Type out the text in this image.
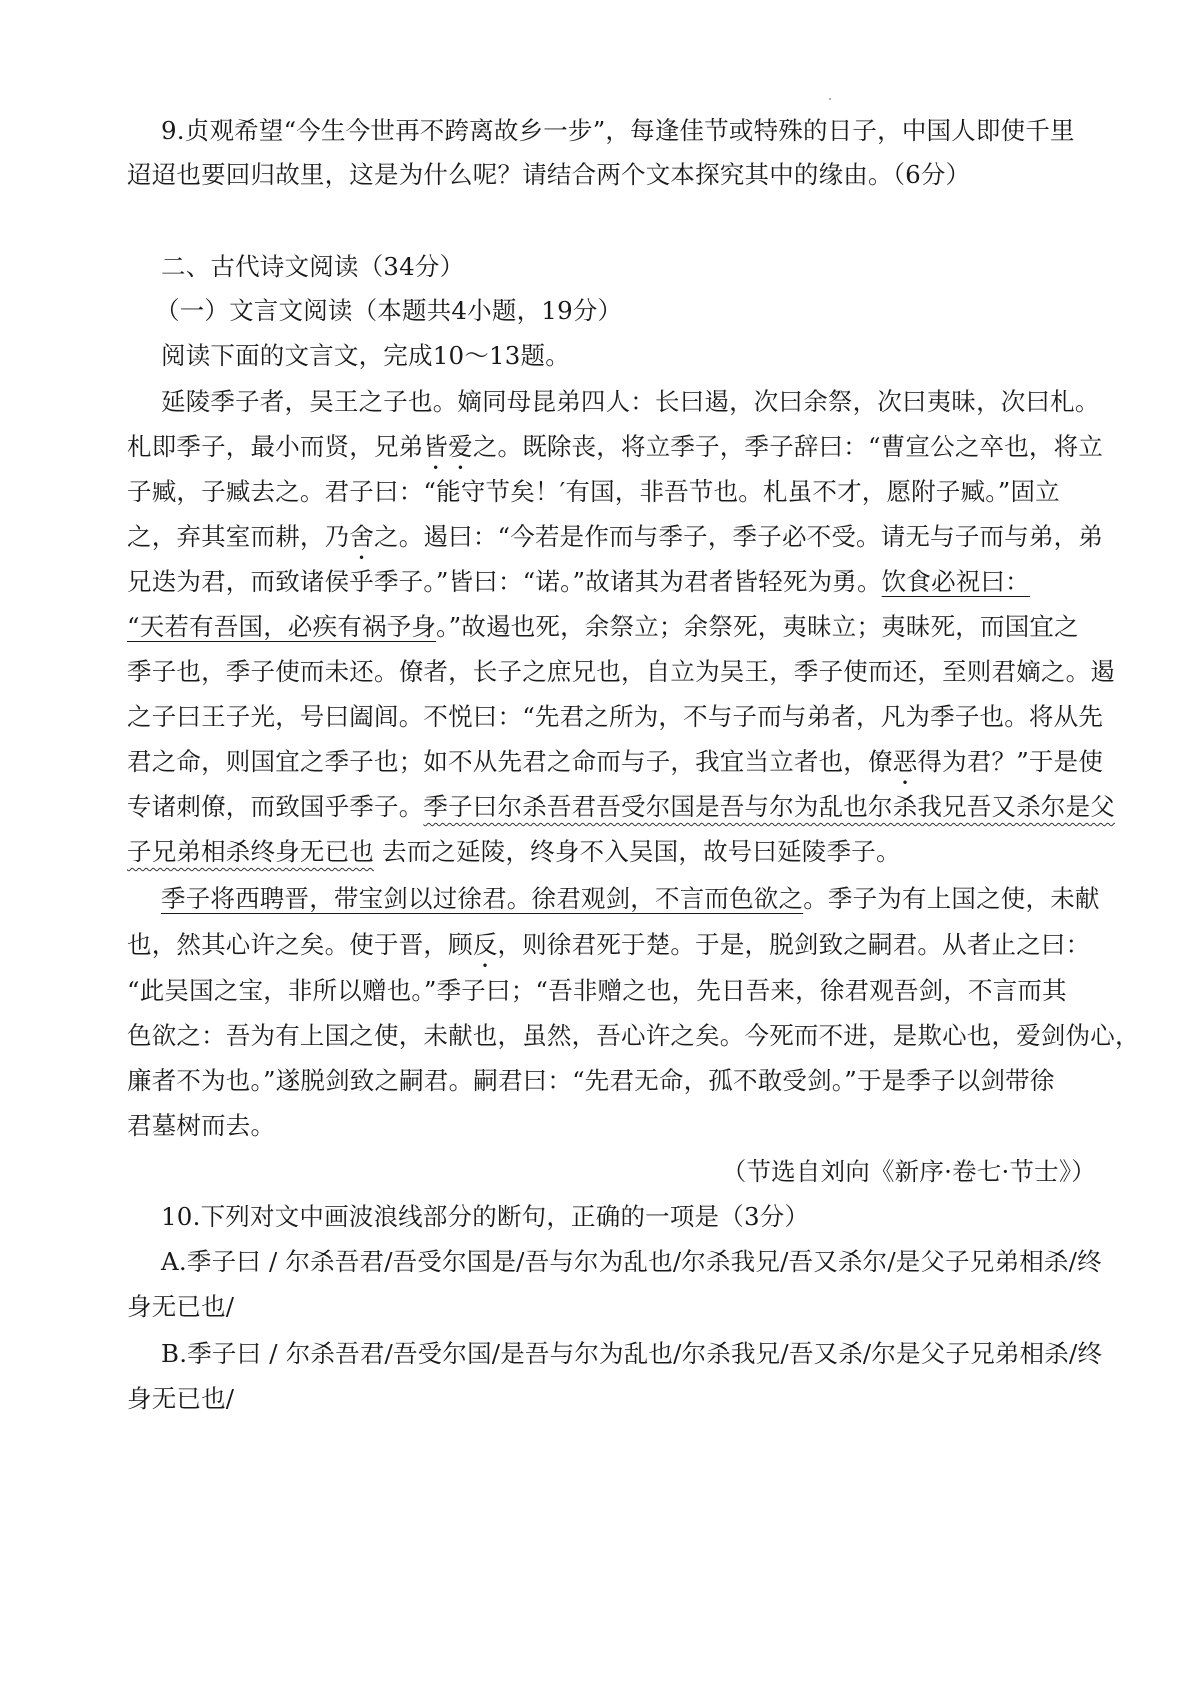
9.贞观希望“今生今世再不跨离故乡一步”，每逢佳节或特殊的日子，中国人即使千里
迢迢也要回归故里，这是为什么呢？请结合两个文本探究其中的缘由。（6分）
二、古代诗文阅读（34分）
（一）文言文阅读（本题共4小题，19分）
阅读下面的文言文，完成10～13题。
延陵季子者，吴王之子也。嫡同母昆弟四人：长曰遏，次曰余祭，次曰夷昧，次曰札。
札即季子，最小而贤，兄弟皆爱之。既除丧，将立季子，季子辞曰：“曹宣公之卒也，将立
子臧，子臧去之。君子曰：“能守节矣！′有国，非吾节也。札虽不才，愿附子臧。”固立
之，弃其室而耕，乃舍之。遏曰：“今若是作而与季子，季子必不受。请无与子而与弟，弟
兄迭为君，而致诸侯乎季子。”皆曰：“诺。”故诸其为君者皆轻死为勇。饮食必祝曰：
“天若有吾国，必疾有祸予身。”故遏也死，余祭立；余祭死，夷昧立；夷昧死，而国宜之
季子也，季子使而未还。僚者，长子之庶兄也，自立为吴王，季子使而还，至则君嫡之。遏
之子曰王子光，号曰阖闾。不悦曰：“先君之所为，不与子而与弟者，凡为季子也。将从先
君之命，则国宜之季子也；如不从先君之命而与子，我宜当立者也，僚恶得为君？”于是使
专诸刺僚，而致国乎季子。季子曰尔杀吾君吾受尔国是吾与尔为乱也尔杀我兄吾又杀尔是父
子兄弟相杀终身无已也 去而之延陵，终身不入吴国，故号曰延陵季子。
季子将西聘晋，带宝剑以过徐君。徐君观剑，不言而色欲之。季子为有上国之使，未献
也，然其心许之矣。使于晋，顾反，则徐君死于楚。于是，脱剑致之嗣君。从者止之曰：
“此吴国之宝，非所以赠也。”季子曰；“吾非赠之也，先日吾来，徐君观吾剑，不言而其
色欲之：吾为有上国之使，未献也，虽然，吾心许之矣。今死而不进，是欺心也，爱剑伪心，
廉者不为也。”遂脱剑致之嗣君。嗣君曰：“先君无命，孤不敢受剑。”于是季子以剑带徐
君墓树而去。
（节选自刘向《新序·卷七·节士》）
10.下列对文中画波浪线部分的断句，正确的一项是（3分）
A.季子曰 / 尔杀吾君/吾受尔国是/吾与尔为乱也/尔杀我兄/吾又杀尔/是父子兄弟相杀/终
身无已也/
B.季子曰 / 尔杀吾君/吾受尔国/是吾与尔为乱也/尔杀我兄/吾又杀/尔是父子兄弟相杀/终
身无已也/
